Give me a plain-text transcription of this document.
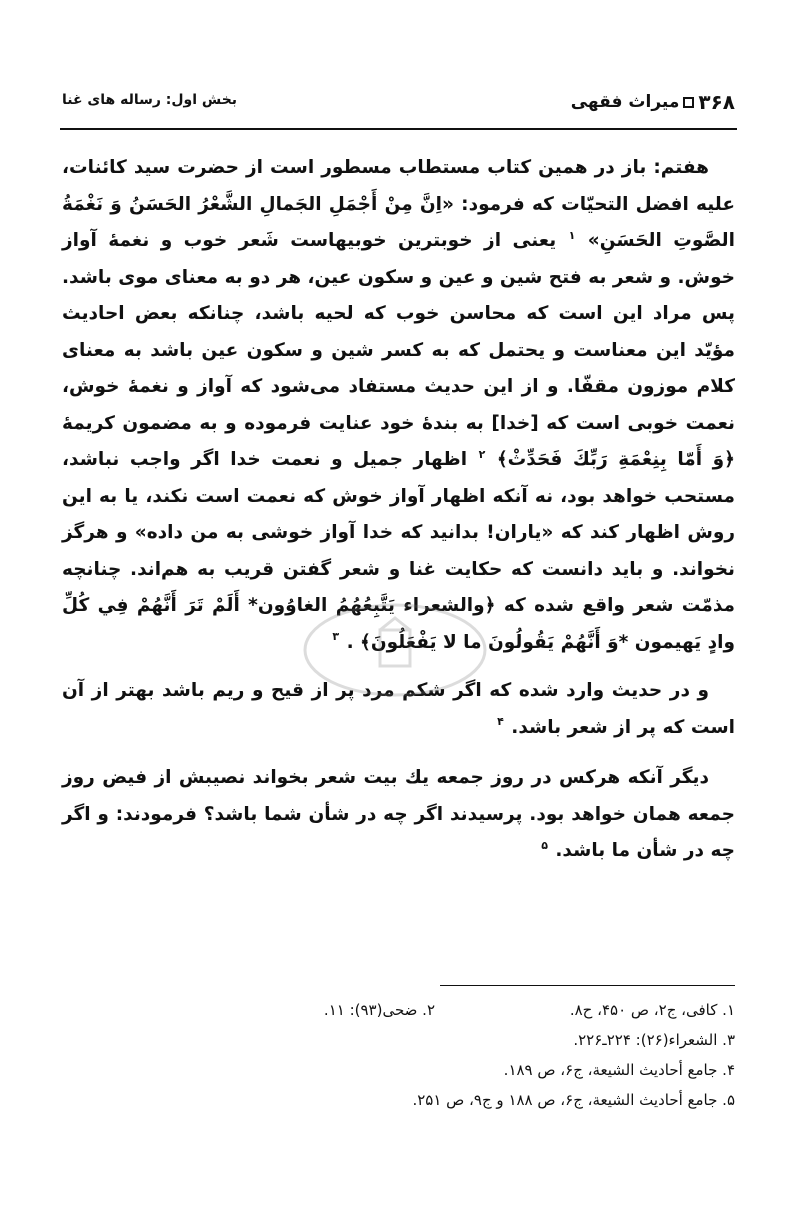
۳۶۸
میراث فقهی
بخش اول: رساله های غنا

هفتم: باز در همین کتاب مستطاب مسطور است از حضرت سید کائنات، علیه افضل التحیّات که فرمود: «اِنَّ مِنْ أَجْمَلِ الجَمالِ الشَّعْرُ الحَسَنُ وَ نَغْمَةُ الصَّوتِ الحَسَنِ» $^۱$ یعنی از خوبترین خوبیهاست شَعر خوب و نغمهٔ آواز خوش. و شعر به فتح شین و عین و سکون عین، هر دو به معنای موی باشد. پس مراد این است که محاسن خوب که لحیه باشد، چنانکه بعض احادیث مؤیّد این معناست و یحتمل که به کسر شین و سکون عین باشد به معنای کلام موزون مقفّا. و از این حدیث مستفاد می‌شود که آواز و نغمهٔ خوش، نعمت خوبی است که [خدا] به بندهٔ خود عنایت فرموده و به مضمون کریمهٔ ﴿وَ أَمّا بِنِعْمَةِ رَبِّكَ فَحَدِّثْ﴾ $^۲$ اظهار جمیل و نعمت خدا اگر واجب نباشد، مستحب خواهد بود، نه آنکه اظهار آواز خوش که نعمت است نکند، یا به این روش اظهار کند که «یاران! بدانید که خدا آواز خوشی به من داده» و هرگز نخواند. و باید دانست که حکایت غنا و شعر گفتن قریب به هم‌اند. چنانچه مذمّت شعر واقع شده که ﴿والشعراء یَتَّبِعُهُمُ الغاوُون* أَلَمْ تَرَ أَنَّهُمْ فِي كُلِّ وادٍ یَهیمون *وَ أَنَّهُمْ یَقُولُونَ ما لا یَفْعَلُونَ﴾ . $^۳$

و در حدیث وارد شده که اگر شکم مرد پر از قیح و ریم باشد بهتر از آن است که پر از شعر باشد. $^۴$

دیگر آنکه هرکس در روز جمعه یك بیت شعر بخواند نصیبش از فیض روز جمعه همان خواهد بود. پرسیدند اگر چه در شأن شما باشد؟ فرمودند: و اگر چه در شأن ما باشد. $^۵$

۱. کافی، ج۲، ص ۴۵۰، ح۸.
۲. ضحی(۹۳): ۱۱.
۳. الشعراء(۲۶): ۲۲۴ـ۲۲۶.
۴. جامع أحادیث الشیعة، ج۶، ص ۱۸۹.
۵. جامع أحادیث الشیعة، ج۶، ص ۱۸۸ و ج۹، ص ۲۵۱.
